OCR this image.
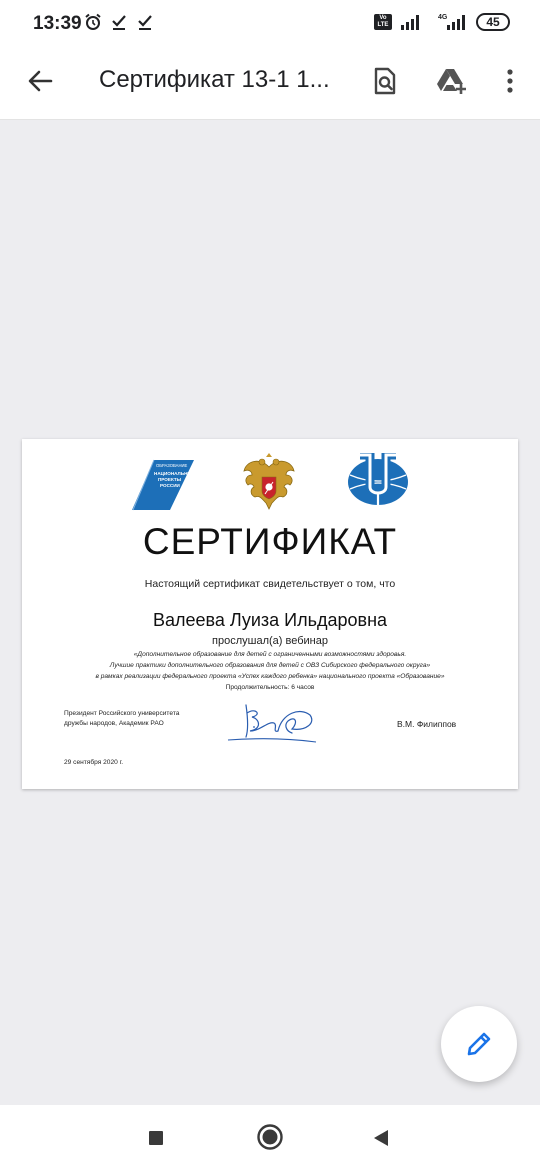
13:39	Vo LTE	45
4G
Сертификат 13-1 1...
ОБРАЗОВАНИЕ
НАЦИОНАЛЬНЫЕ
ПРОЕКТЫ
РОССИИ
СЕРТИФИКАТ
Настоящий сертификат свидетельствует о том, что
Валеева Луиза Ильдаровна
прослушал(а) вебинар
«Дополнительное образование для детей с ограниченными возможностями здоровья.
Лучшие практики дополнительного образования для детей с ОВЗ Сибирского федерального округа»
в рамках реализации федерального проекта «Успех каждого ребенка» национального проекта «Образование»
Продолжительность: 6 часов
Президент Российского университета
дружбы народов, Академик РАО	В.М. Филиппов
29 сентября 2020 г.
